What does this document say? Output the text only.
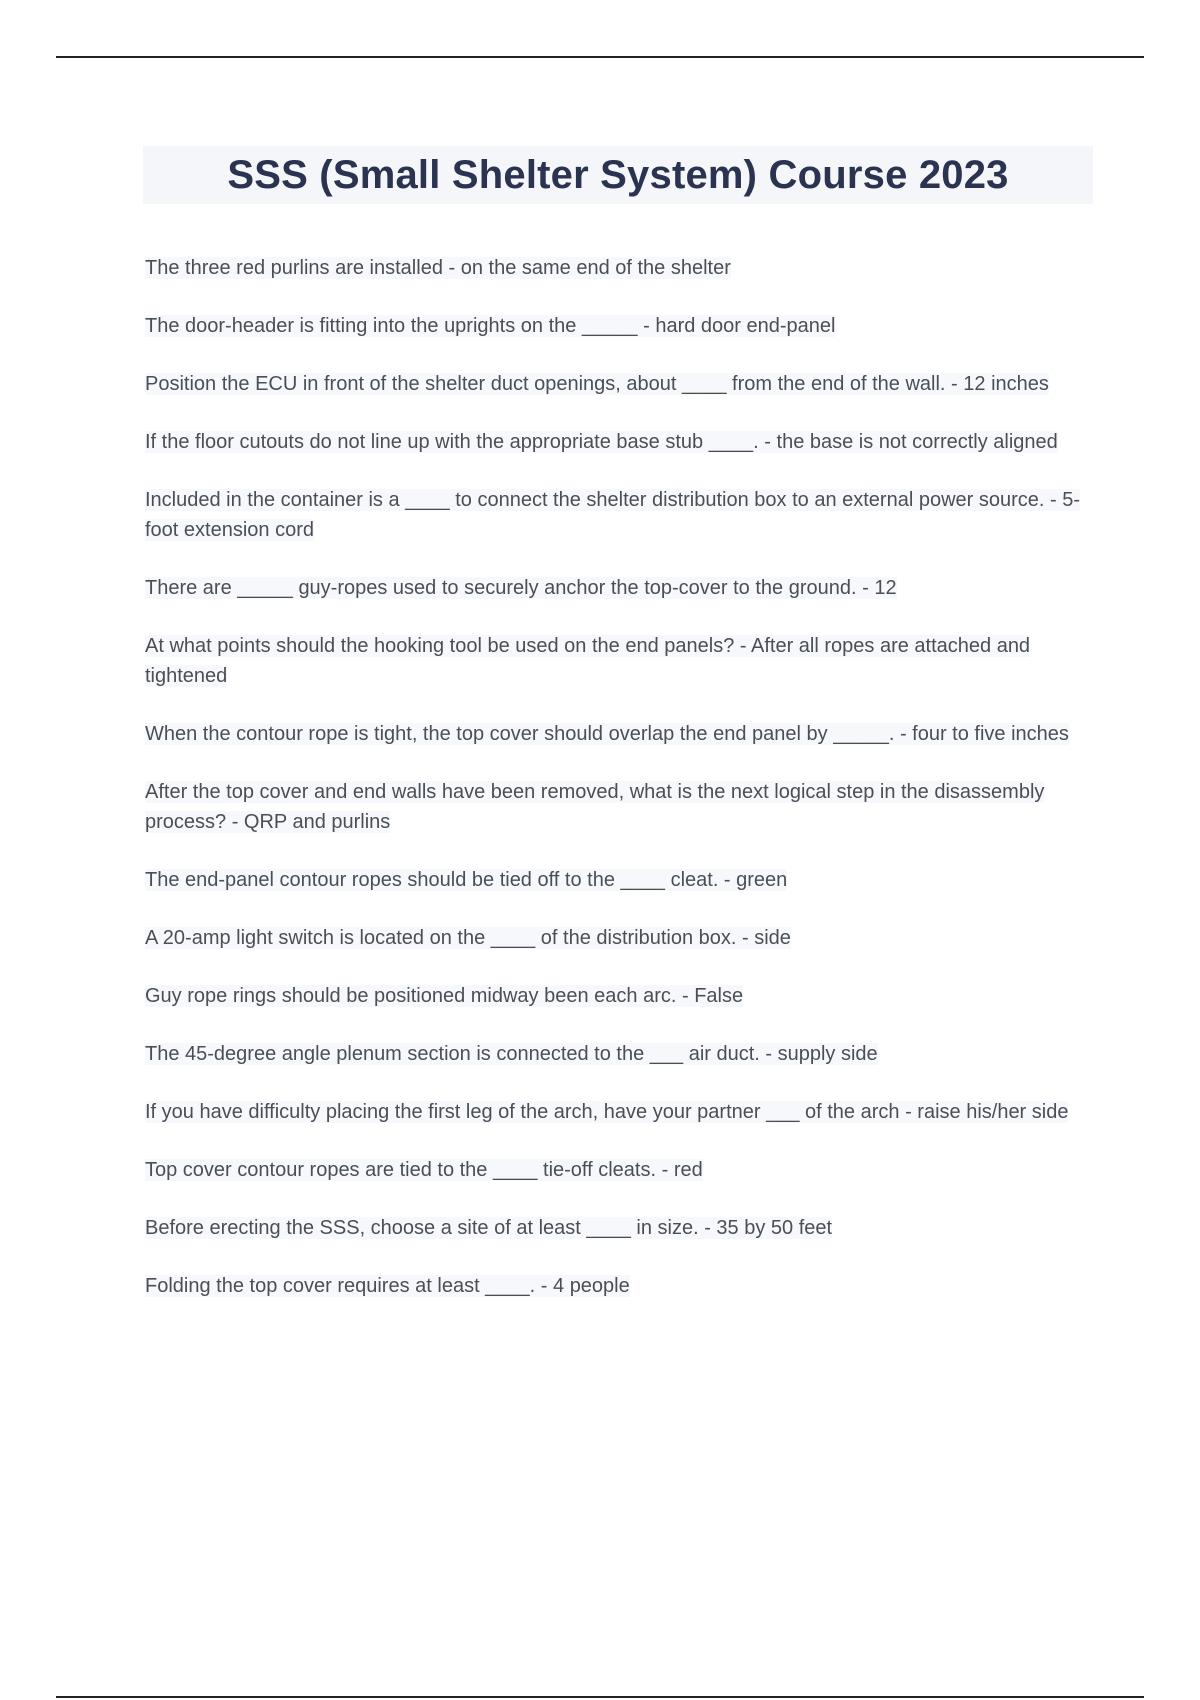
SSS (Small Shelter System) Course 2023
The three red purlins are installed - on the same end of the shelter
The door-header is fitting into the uprights on the _____ - hard door end-panel
Position the ECU in front of the shelter duct openings, about ____ from the end of the wall. - 12 inches
If the floor cutouts do not line up with the appropriate base stub ____. - the base is not correctly aligned
Included in the container is a ____ to connect the shelter distribution box to an external power source. - 5-foot extension cord
There are _____ guy-ropes used to securely anchor the top-cover to the ground. - 12
At what points should the hooking tool be used on the end panels? - After all ropes are attached and tightened
When the contour rope is tight, the top cover should overlap the end panel by _____. - four to five inches
After the top cover and end walls have been removed, what is the next logical step in the disassembly process? - QRP and purlins
The end-panel contour ropes should be tied off to the ____ cleat. - green
A 20-amp light switch is located on the ____ of the distribution box. - side
Guy rope rings should be positioned midway been each arc. - False
The 45-degree angle plenum section is connected to the ___ air duct. - supply side
If you have difficulty placing the first leg of the arch, have your partner ___ of the arch - raise his/her side
Top cover contour ropes are tied to the ____ tie-off cleats. - red
Before erecting the SSS, choose a site of at least ____ in size. - 35 by 50 feet
Folding the top cover requires at least ____. - 4 people
